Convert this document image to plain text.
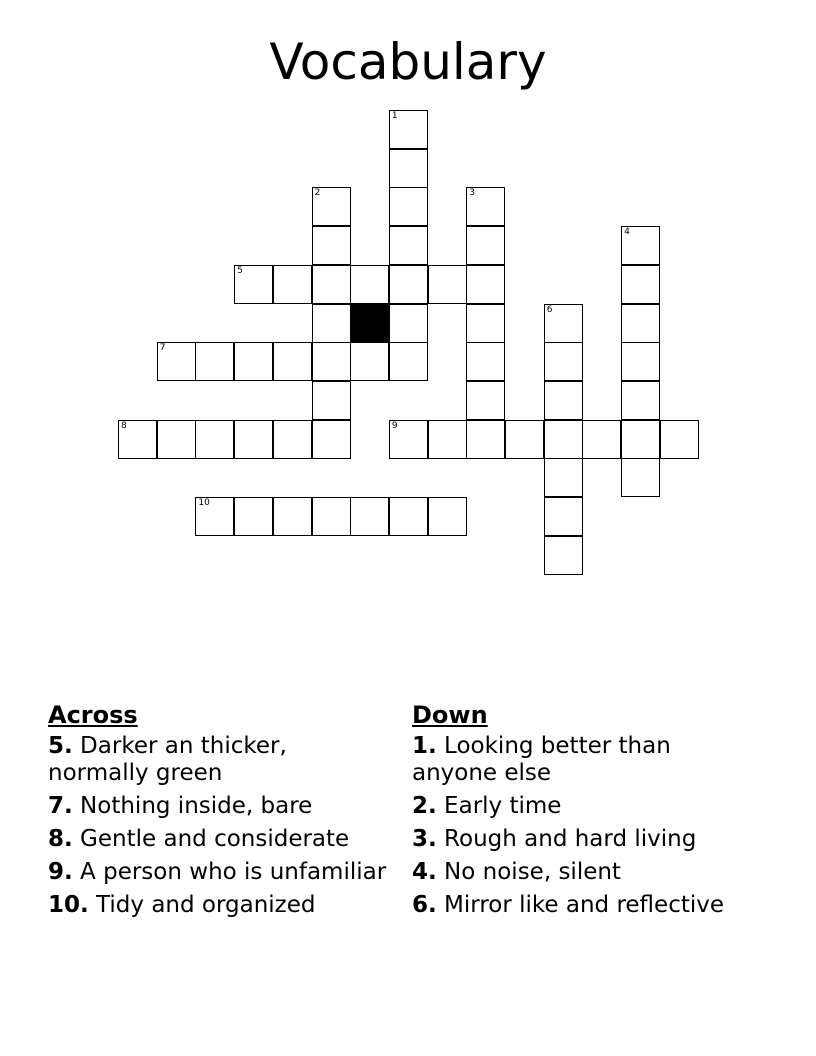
Vocabulary
1
2	3
4
5
6
7
8	9
10
Across
5. Darker an thicker, normally green
7. Nothing inside, bare
8. Gentle and considerate
9. A person who is unfamiliar
10. Tidy and organized
Down
1. Looking better than anyone else
2. Early time
3. Rough and hard living
4. No noise, silent
6. Mirror like and reflective
